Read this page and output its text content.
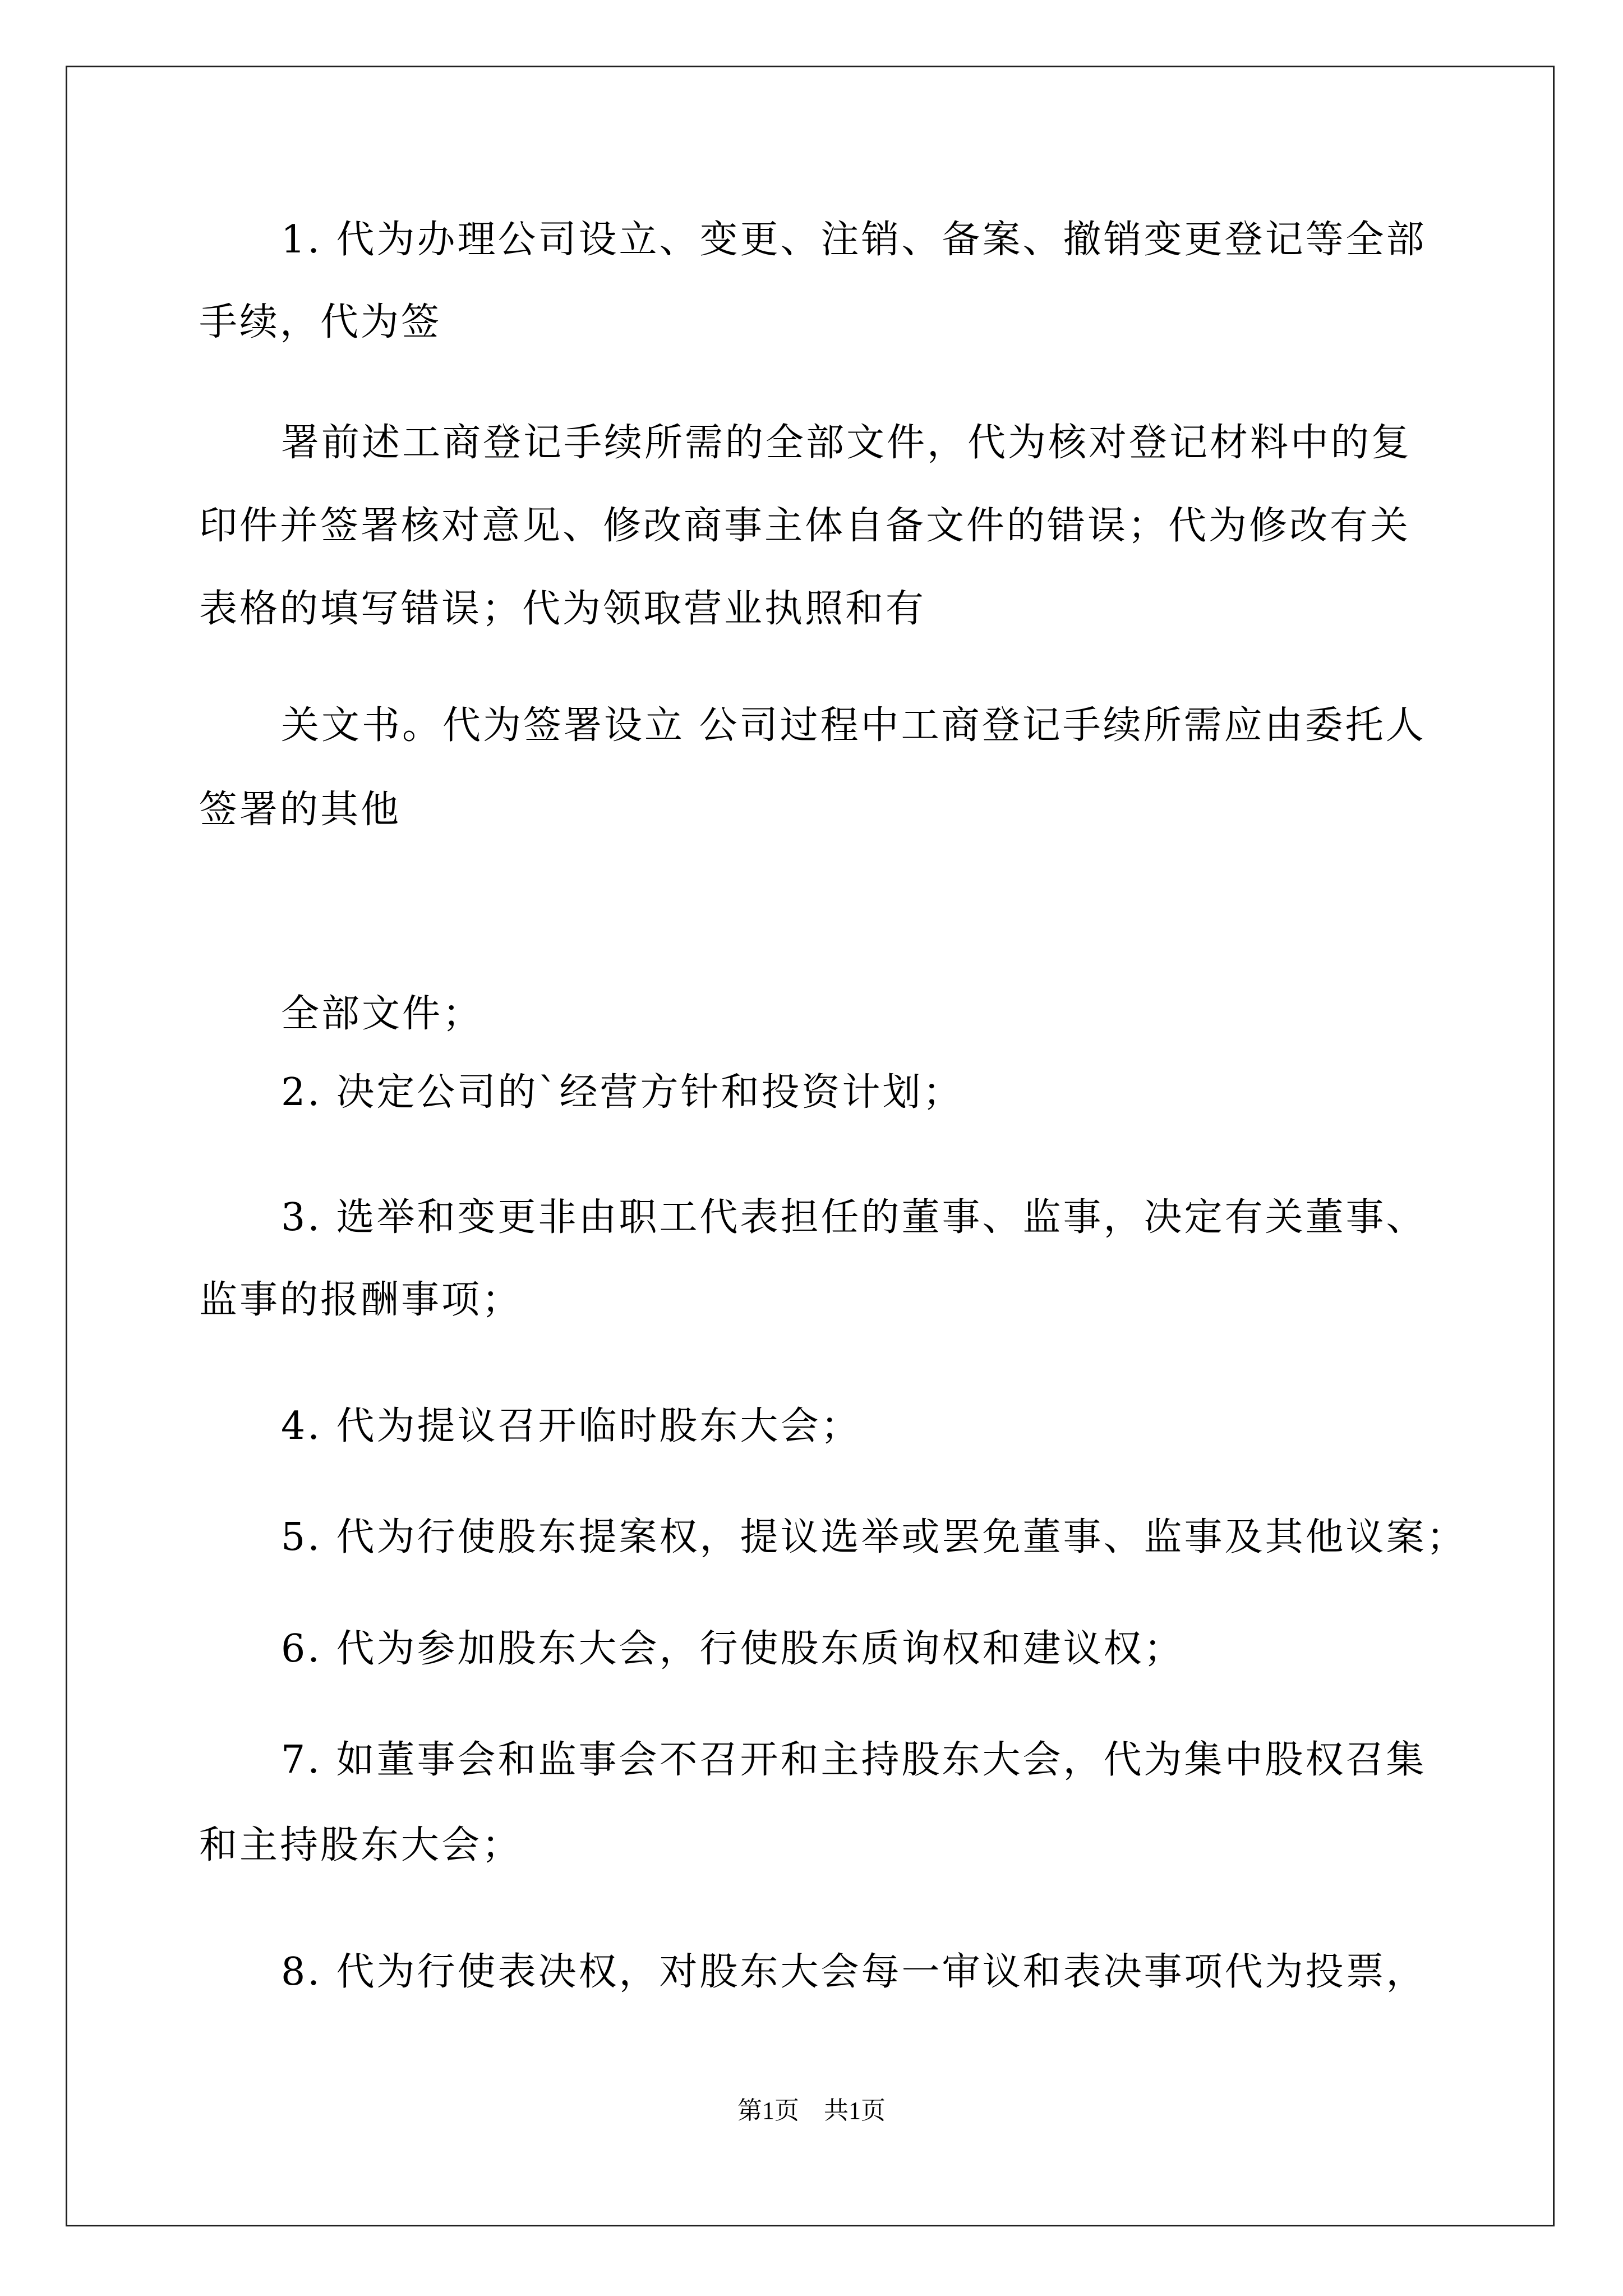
1. 代为办理公司设立、变更、注销、备案、撤销变更登记等全部
手续，代为签
署前述工商登记手续所需的全部文件，代为核对登记材料中的复
印件并签署核对意见、修改商事主体自备文件的错误；代为修改有关
表格的填写错误；代为领取营业执照和有
关文书。代为签署设立 公司过程中工商登记手续所需应由委托人
签署的其他
全部文件；
2. 决定公司的`经营方针和投资计划；
3. 选举和变更非由职工代表担任的董事、监事，决定有关董事、
监事的报酬事项；
4. 代为提议召开临时股东大会；
5. 代为行使股东提案权，提议选举或罢免董事、监事及其他议案；
6. 代为参加股东大会，行使股东质询权和建议权；
7. 如董事会和监事会不召开和主持股东大会，代为集中股权召集
和主持股东大会；
8. 代为行使表决权，对股东大会每一审议和表决事项代为投票，
第1页　共1页
